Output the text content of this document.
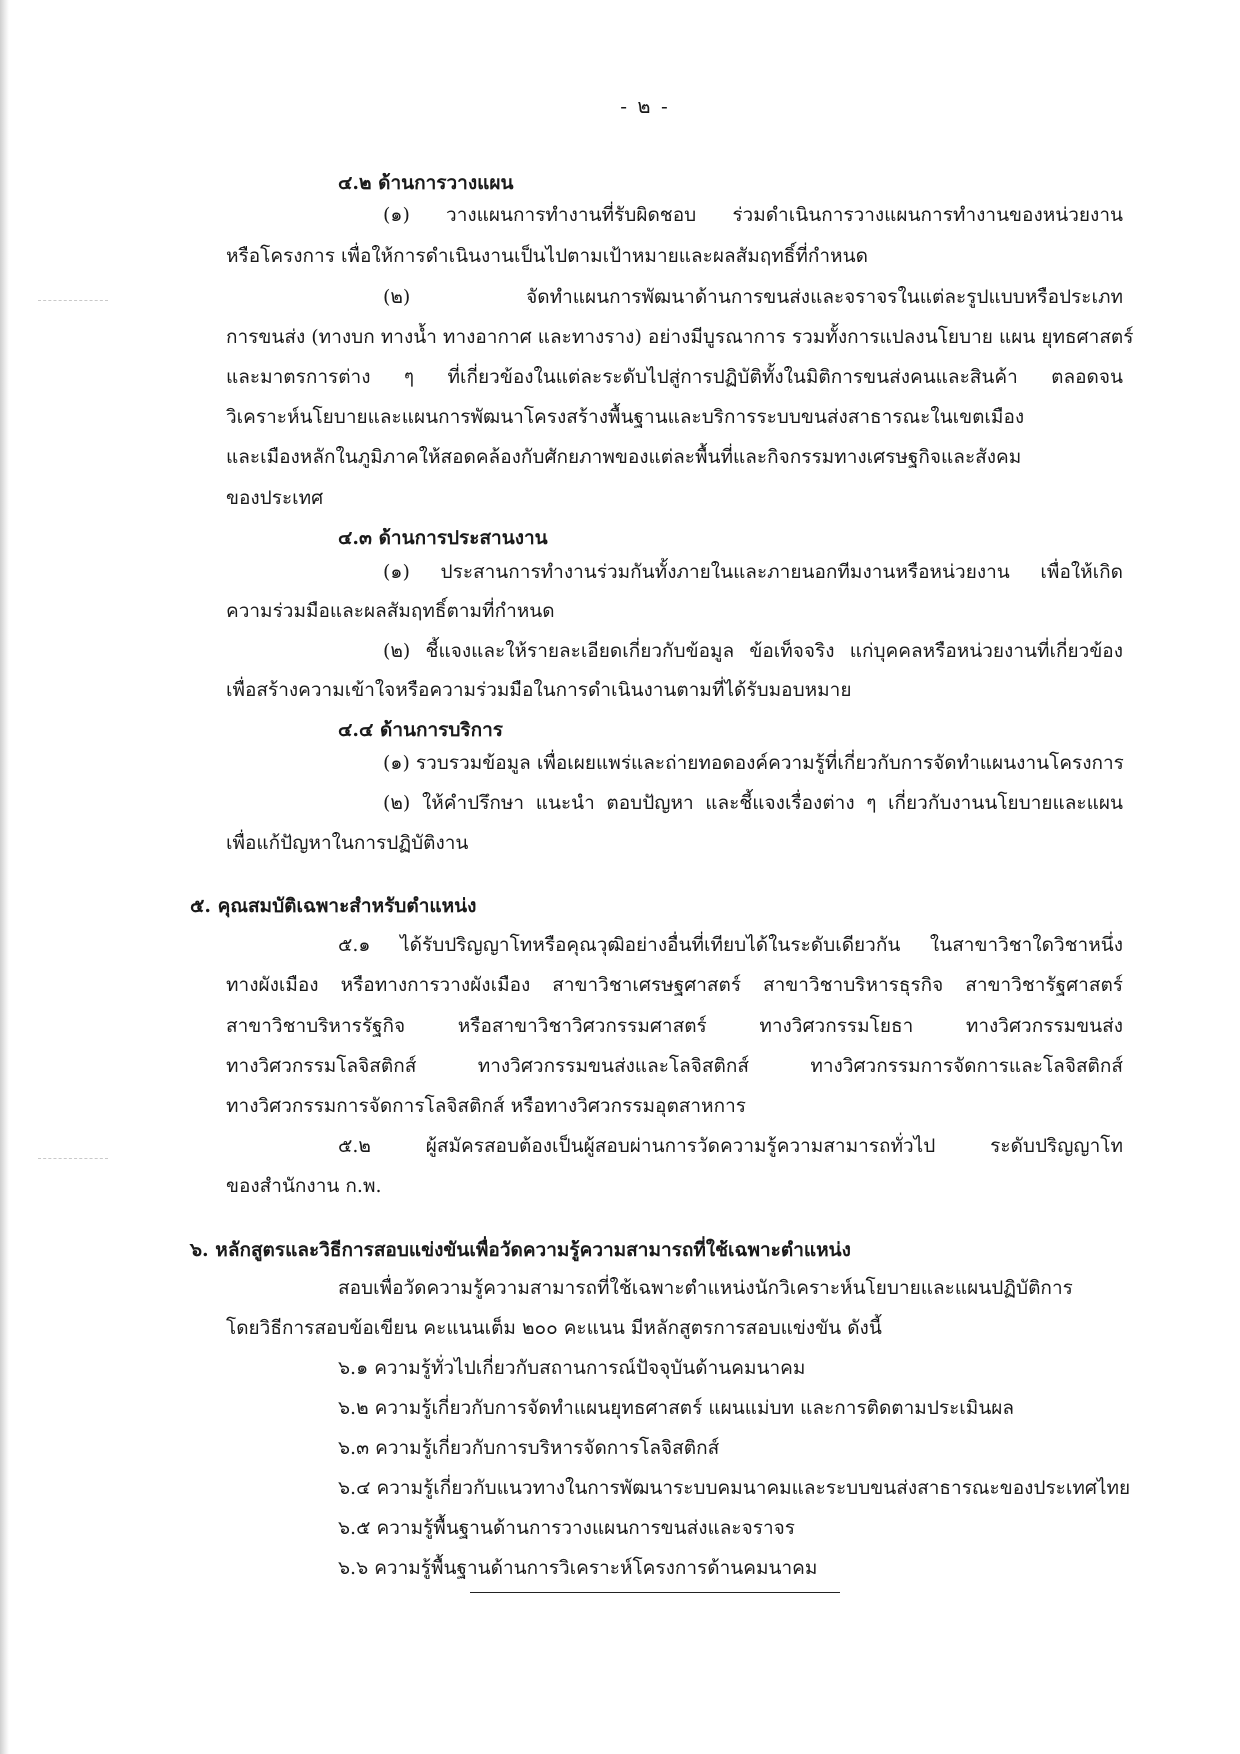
- ๒ -
๔.๒ ด้านการวางแผน
(๑) วางแผนการทำงานที่รับผิดชอบ ร่วมดำเนินการวางแผนการทำงานของหน่วยงาน
หรือโครงการ เพื่อให้การดำเนินงานเป็นไปตามเป้าหมายและผลสัมฤทธิ์ที่กำหนด
(๒) จัดทำแผนการพัฒนาด้านการขนส่งและจราจรในแต่ละรูปแบบหรือประเภท
การขนส่ง (ทางบก ทางน้ำ ทางอากาศ และทางราง) อย่างมีบูรณาการ รวมทั้งการแปลงนโยบาย แผน ยุทธศาสตร์
และมาตรการต่าง ๆ ที่เกี่ยวข้องในแต่ละระดับไปสู่การปฏิบัติทั้งในมิติการขนส่งคนและสินค้า ตลอดจน
วิเคราะห์นโยบายและแผนการพัฒนาโครงสร้างพื้นฐานและบริการระบบขนส่งสาธารณะในเขตเมือง
และเมืองหลักในภูมิภาคให้สอดคล้องกับศักยภาพของแต่ละพื้นที่และกิจกรรมทางเศรษฐกิจและสังคม
ของประเทศ
๔.๓ ด้านการประสานงาน
(๑) ประสานการทำงานร่วมกันทั้งภายในและภายนอกทีมงานหรือหน่วยงาน เพื่อให้เกิด
ความร่วมมือและผลสัมฤทธิ์ตามที่กำหนด
(๒) ชี้แจงและให้รายละเอียดเกี่ยวกับข้อมูล ข้อเท็จจริง แก่บุคคลหรือหน่วยงานที่เกี่ยวข้อง
เพื่อสร้างความเข้าใจหรือความร่วมมือในการดำเนินงานตามที่ได้รับมอบหมาย
๔.๔ ด้านการบริการ
(๑) รวบรวมข้อมูล เพื่อเผยแพร่และถ่ายทอดองค์ความรู้ที่เกี่ยวกับการจัดทำแผนงานโครงการ
(๒) ให้คำปรึกษา แนะนำ ตอบปัญหา และชี้แจงเรื่องต่าง ๆ เกี่ยวกับงานนโยบายและแผน
เพื่อแก้ปัญหาในการปฏิบัติงาน
๕. คุณสมบัติเฉพาะสำหรับตำแหน่ง
๕.๑ ได้รับปริญญาโทหรือคุณวุฒิอย่างอื่นที่เทียบได้ในระดับเดียวกัน ในสาขาวิชาใดวิชาหนึ่ง
ทางผังเมือง หรือทางการวางผังเมือง สาขาวิชาเศรษฐศาสตร์ สาขาวิชาบริหารธุรกิจ สาขาวิชารัฐศาสตร์
สาขาวิชาบริหารรัฐกิจ หรือสาขาวิชาวิศวกรรมศาสตร์ ทางวิศวกรรมโยธา ทางวิศวกรรมขนส่ง
ทางวิศวกรรมโลจิสติกส์ ทางวิศวกรรมขนส่งและโลจิสติกส์ ทางวิศวกรรมการจัดการและโลจิสติกส์
ทางวิศวกรรมการจัดการโลจิสติกส์ หรือทางวิศวกรรมอุตสาหการ
๕.๒ ผู้สมัครสอบต้องเป็นผู้สอบผ่านการวัดความรู้ความสามารถทั่วไป ระดับปริญญาโท
ของสำนักงาน ก.พ.
๖. หลักสูตรและวิธีการสอบแข่งขันเพื่อวัดความรู้ความสามารถที่ใช้เฉพาะตำแหน่ง
สอบเพื่อวัดความรู้ความสามารถที่ใช้เฉพาะตำแหน่งนักวิเคราะห์นโยบายและแผนปฏิบัติการ
โดยวิธีการสอบข้อเขียน คะแนนเต็ม ๒๐๐ คะแนน มีหลักสูตรการสอบแข่งขัน ดังนี้
๖.๑ ความรู้ทั่วไปเกี่ยวกับสถานการณ์ปัจจุบันด้านคมนาคม
๖.๒ ความรู้เกี่ยวกับการจัดทำแผนยุทธศาสตร์ แผนแม่บท และการติดตามประเมินผล
๖.๓ ความรู้เกี่ยวกับการบริหารจัดการโลจิสติกส์
๖.๔ ความรู้เกี่ยวกับแนวทางในการพัฒนาระบบคมนาคมและระบบขนส่งสาธารณะของประเทศไทย
๖.๕ ความรู้พื้นฐานด้านการวางแผนการขนส่งและจราจร
๖.๖ ความรู้พื้นฐานด้านการวิเคราะห์โครงการด้านคมนาคม
